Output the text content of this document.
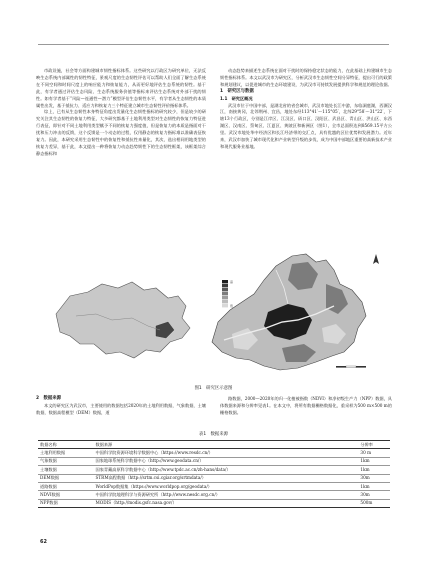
市政设施，社会等方面构建城市韧性指标体系。这些研究以行政区为研究单位，无法反映生态系统内部属性的韧性特征，景观尺度的生态韧性评估可以帮助人们全面了解生态系统在不同空间和时间尺度上的响应能力和恢复能力，从而更好地评估生态系统的韧性。基于此，有学者通过评估生态风险、生态系统服务价值等指标来评估生态系统对外部干扰的韧性。如有学者基于“风险—连通性—潜力”模型评估生态韧性水平，有学者从生态韧性的本质属性出发，基于抵抗力、适应力和恢复力三个特征建立城市生态韧性评价指标体系。

综上，已有从生态韧性本身特征角度出发量化生态韧性指标的研究较少，但是较少的研究关注其生态韧性的恢复力特征，大多研究都基于土地利用类型对生态韧性的恢复力特征进行表征，即针对不同土地利用类型赋予不同的恢复力强度值，但是恢复力的本质是指面对干扰和压力冲击的反馈，这个反馈是一个动态的过程，仅用静态的恢复力指标难以准确表征恢复力。因此，本研究采用生态韧性中的恢复性和抵抗性来量化，其次，选出相同用地类型的恢复力差异，基于此，本文提出一种将恢复力动态趋势韧性下的生态韧性框架，该框架综合静态指标和

动态趋势来描述生态系统在面对干扰时的保持稳定状态的能力，在此基础上构建城市生态韧性指标体系。本文以武汉市为研究区，分析武汉市生态韧性空间分异特征，提出可行的政策和规划建议，以促进城市的生态环境建设，为武汉市可持续发展提供科学和规范的理论依据。

1　研究区与数据

1.1　研究区概况

武汉市位于中国中部，是湖北省的省会城市，武汉市地处长江中游，东临洞庭湖，西濒汉江，南接黄冈，北邻荆州、宜昌，地处东经113°41′～115°05′，北纬29°58′～31°22′，下辖13个行政区，分别是江岸区、江汉区、硚口区、汉阳区、武昌区、青山区、洪山区、东西湖区、汉南区、蔡甸区、江夏区、黄陂区和新洲区（图1），全市总面积达到8569.15平方公里。武汉市地处华中经济区和长江经济带的交汇点，具有优越的区位优势和发展潜力。近年来，武汉市加快了城市现代化和产业转型升级的步伐，成为中国中部地区重要的高新技术产业和现代服务业基地。

高
低
图1　研究区示意图

2　数据来源

本文的研究区为武汉市，主要使用的数据包括2020年的土地利用数据，气象数据，土壤数据，数据高程模型（DEM）数据，道

路数据，2000—2020年的归一化植被指数（NDVI）和净初级生产力（NPP）数据，具体数据来源和分辨率见表1。在本文中，将所有数据栅格数据化，重采样为500 m×500 m的栅格数据。

表1　数据来源
数据名称	数据来源	分辨率
土地利用数据	中国科学院资源环境科学数据中心（https://www.resdc.cn/）	30 m
气象数据	国家地球系统科学数据中心（http://www.geodata.cn/）	1km
土壤数据	国家青藏高原科学数据中心（http://www.tpdc.ac.cn/zh-hans/data/）	1km
DEM数据	STRM高程数据（http://srtm.csi.cgiar.org/srtmdata/）	30m
道路数据	WorldPop数据集（https://www.worldpop.org/geodata/）	1km
NDVI数据	中国科学院地理科学与资源研究所（http://www.nesdc.org.cn/）	30m
NPP数据	MODIS（http://modis.gsfc.nasa.gov/）	500m
62
